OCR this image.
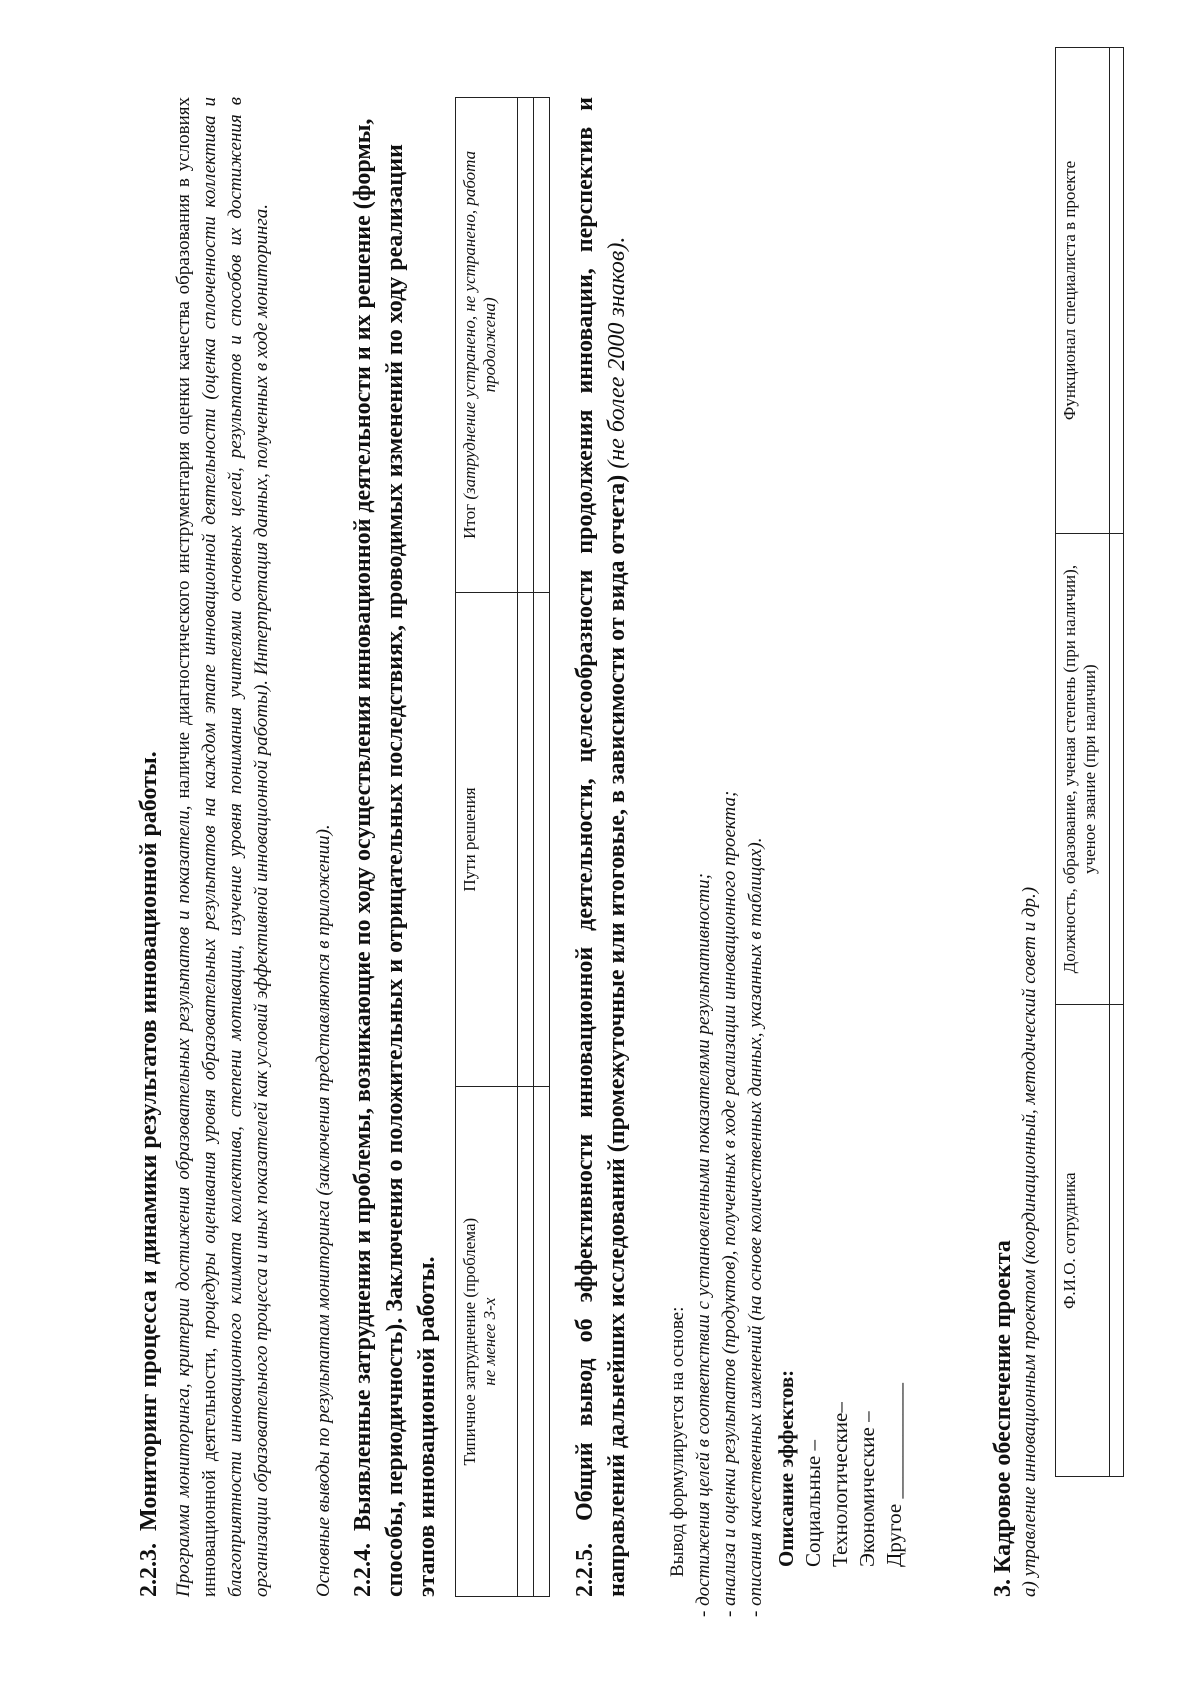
2.2.3. Мониторинг процесса и динамики результатов инновационной работы. Программа мониторинга, критерии достижения образовательных результатов и показатели, наличие диагностического инструментария оценки качества образования в условиях инновационной деятельности, процедуры оценивания уровня образовательных результатов на каждом этапе инновационной деятельности (оценка сплоченности коллектива и благоприятности инновационного климата коллектива, степени мотивации, изучение уровня понимания учителями основных целей, результатов и способов их достижения в организации образовательного процесса и иных показателей как условий эффективной инновационной работы). Интерпретация данных, полученных в ходе мониторинга. Основные выводы по результатам мониторинга (заключения представляются в приложении). 2.2.4. Выявленные затруднения и проблемы, возникающие по ходу осуществления инновационной деятельности и их решение (формы, способы, периодичность). Заключения о положительных и отрицательных последствиях, проводимых изменений по ходу реализации этапов инновационной работы. Типичное затруднение (проблема) не менее 3-х	Пути решения	Итог (затруднение устранено, не устранено, работа продолжена)

2.2.5. Общий вывод об эффективности инновационной деятельности, целесообразности продолжения инновации, перспектив и направлений дальнейших исследований (промежуточные или итоговые, в зависимости от вида отчета) (не более 2000 знаков).
Вывод формулируется на основе: - достижения целей в соответствии с установленными показателями результативности; - анализа и оценки результатов (продуктов), полученных в ходе реализации инновационного проекта; - описания качественных изменений (на основе количественных данных, указанных в таблицах). Описание эффектов: Социальные – Технологические– Экономические – Другое ___________
3. Кадровое обеспечение проекта а) управление инновационным проектом (координационный, методический совет и др.) Ф.И.О. сотрудника	Должность, образование, ученая степень (при наличии), ученое звание (при наличии)	Функционал специалиста в проекте
